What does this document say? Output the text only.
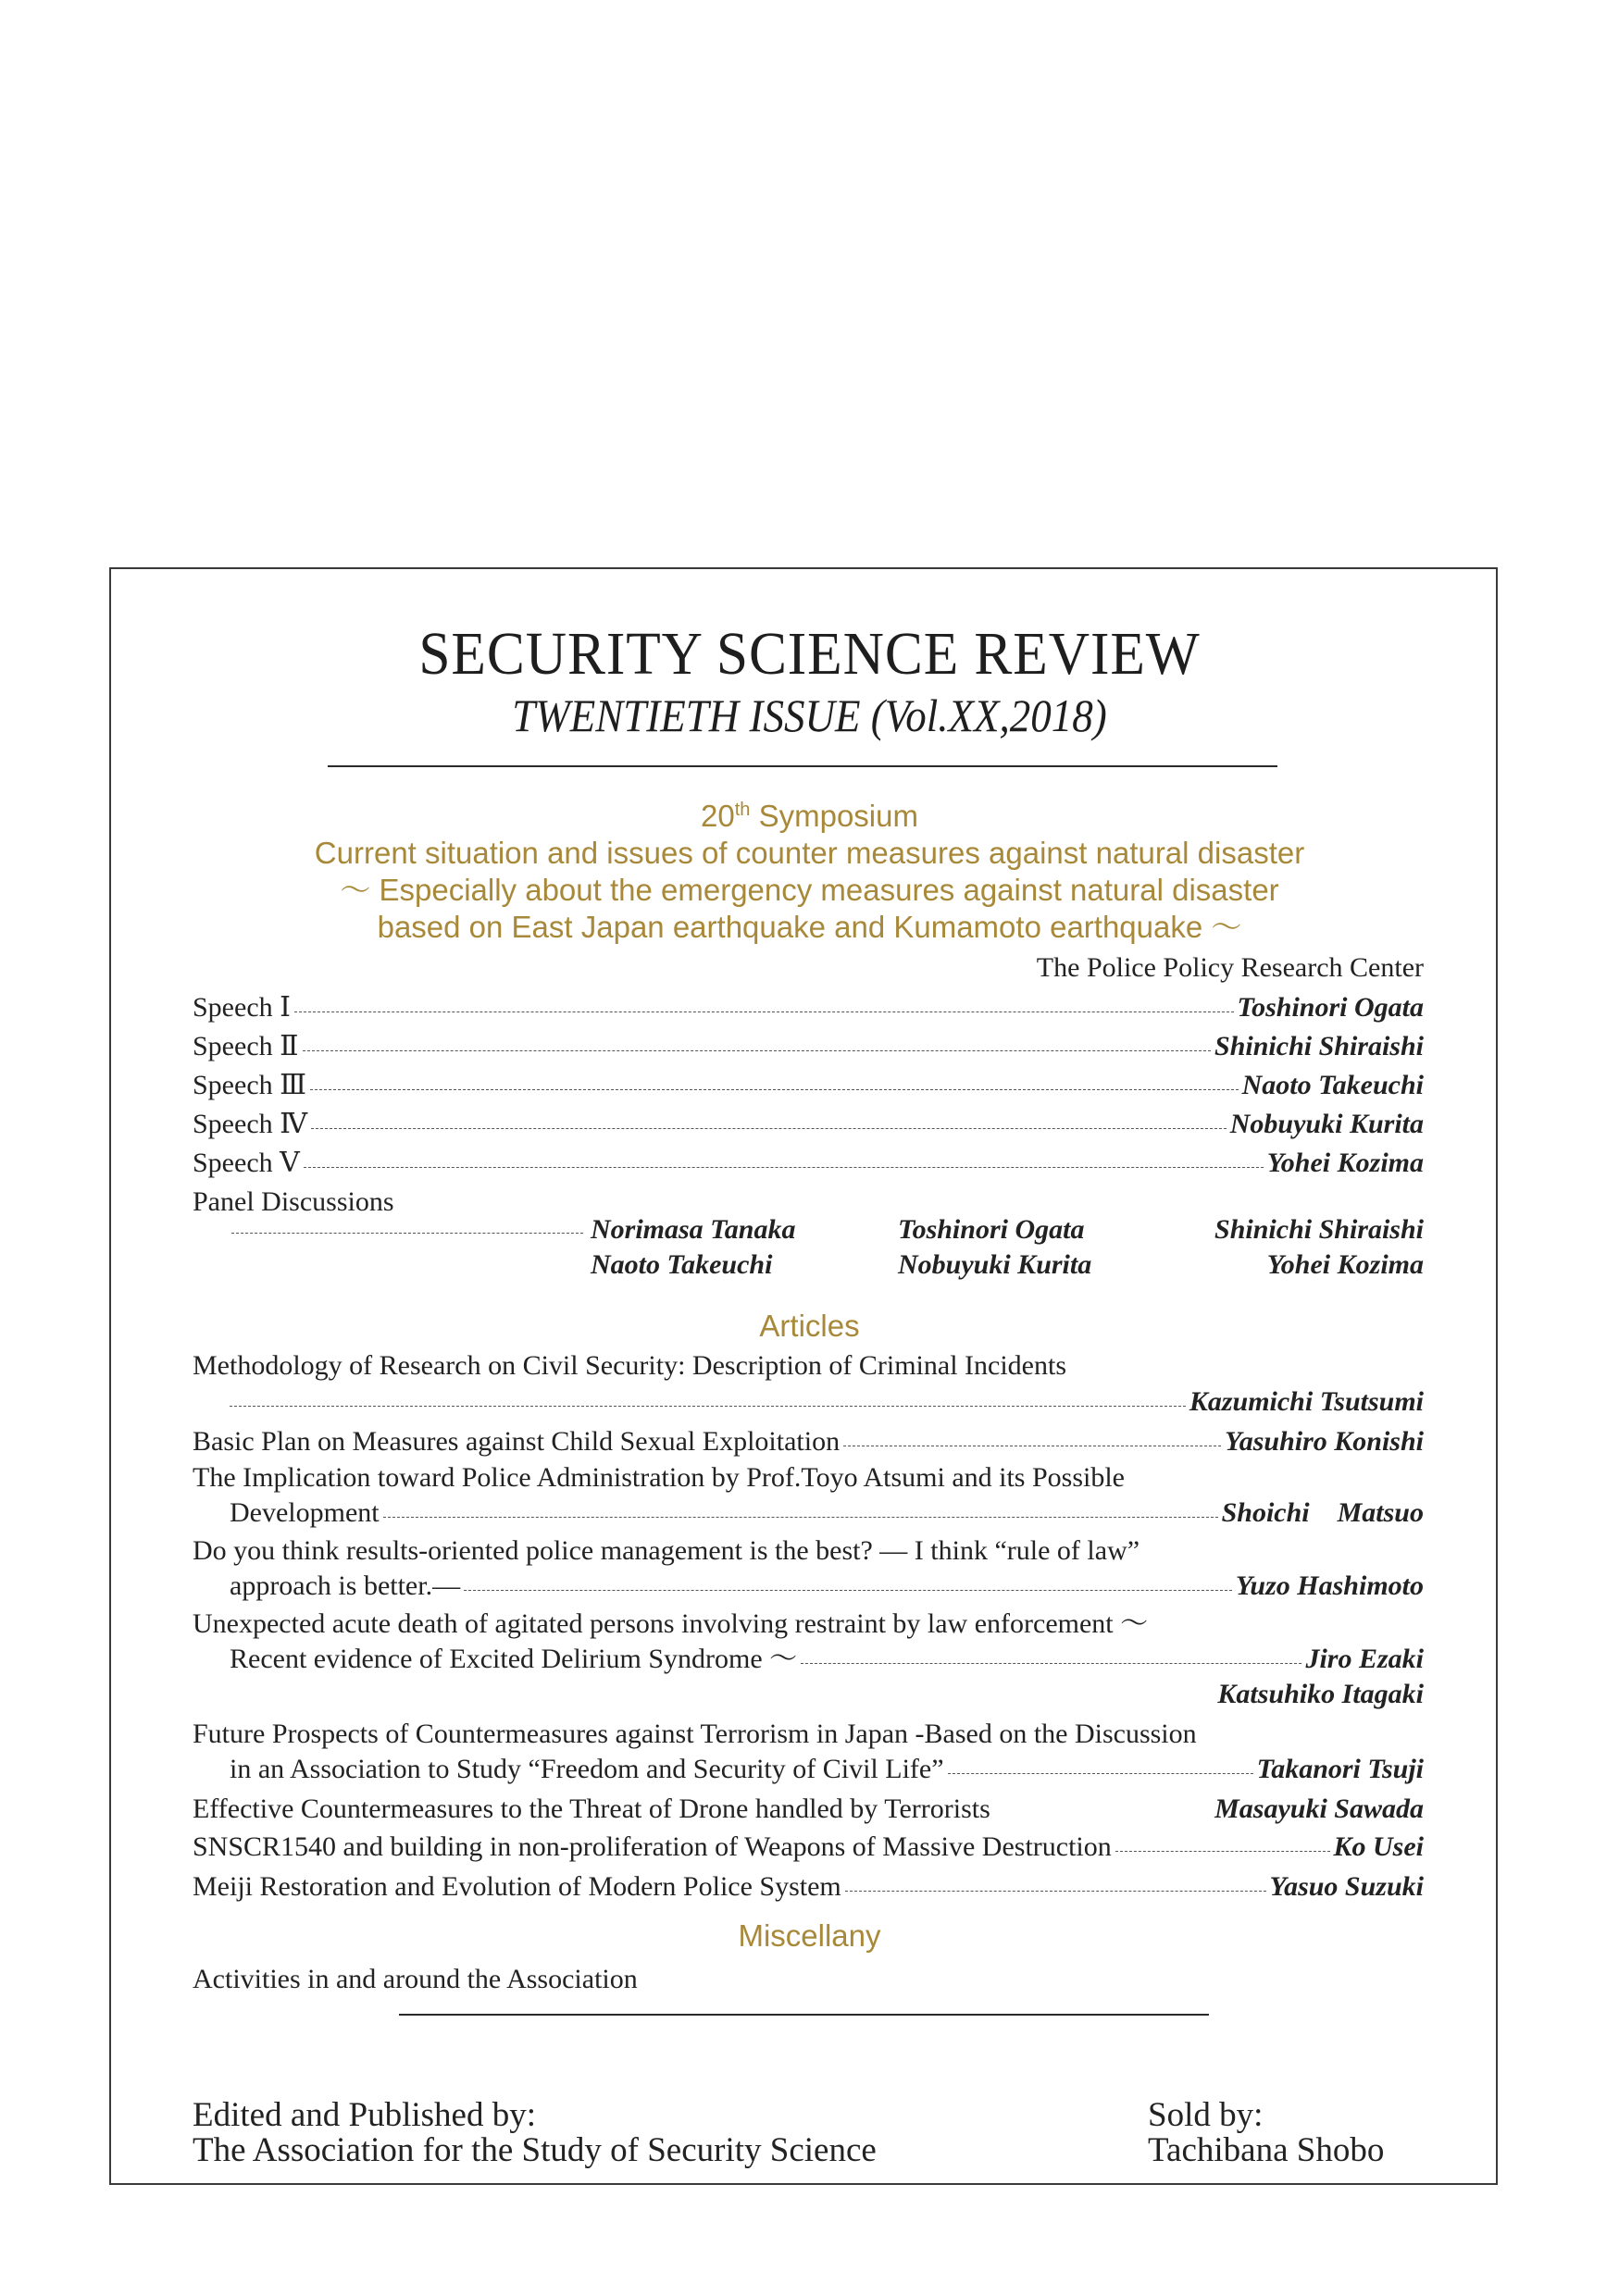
SECURITY SCIENCE REVIEW
TWENTIETH ISSUE (Vol.XX,2018)
20th Symposium
Current situation and issues of counter measures against natural disaster
～ Especially about the emergency measures against natural disaster
based on East Japan earthquake and Kumamoto earthquake ～
The Police Policy Research Center
Speech Ⅰ	Toshinori Ogata
Speech Ⅱ	Shinichi Shiraishi
Speech Ⅲ	Naoto Takeuchi
Speech Ⅳ	Nobuyuki Kurita
Speech Ⅴ	Yohei Kozima
Panel Discussions
Norimasa Tanaka	Toshinori Ogata	Shinichi Shiraishi
Naoto Takeuchi	Nobuyuki Kurita	Yohei Kozima
Articles
Methodology of Research on Civil Security: Description of Criminal Incidents
Kazumichi Tsutsumi
Basic Plan on Measures against Child Sexual Exploitation	Yasuhiro Konishi
The Implication toward Police Administration by Prof.Toyo Atsumi and its Possible
Development	Shoichi　Matsuo
Do you think results-oriented police management is the best? ― I think “rule of law”
approach is better.―	Yuzo Hashimoto
Unexpected acute death of agitated persons involving restraint by law enforcement ～
Recent evidence of Excited Delirium Syndrome ～	Jiro Ezaki
Katsuhiko Itagaki
Future Prospects of Countermeasures against Terrorism in Japan -Based on the Discussion
in an Association to Study “Freedom and Security of Civil Life”	Takanori Tsuji
Effective Countermeasures to the Threat of Drone handled by Terrorists	Masayuki Sawada
SNSCR1540 and building in non-proliferation of Weapons of Massive Destruction	Ko Usei
Meiji Restoration and Evolution of Modern Police System	Yasuo Suzuki
Miscellany
Activities in and around the Association
Edited and Published by:
The Association for the Study of Security Science
Sold by:
Tachibana Shobo
